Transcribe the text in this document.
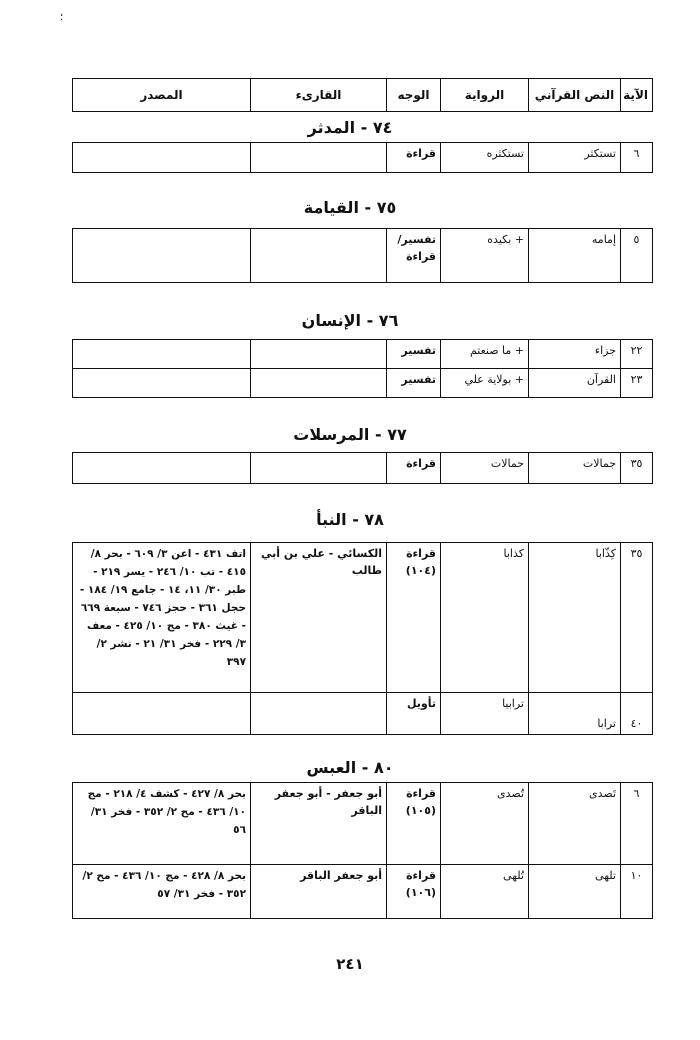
؛
الآية	النص القرآني	الرواية	الوجه	القارىء	المصدر
٧٤ - المدثر
٦	تستكثر	تستكثره	قراءة		
٧٥ - القيامة
٥	إمامه	+ بكيده	تفسير/ قراءة		
٧٦ - الإنسان
٢٢	جزاء	+ ما صنعتم	تفسير		
٢٣	القرآن	+ بولاية علي	تفسير		
٧٧ - المرسلات
٣٥	جمالات	حمالات	قراءة		
٧٨ - النبأ
٣٥	كِذّابا	كذابا	قراءة (١٠٤)	الكسائي - علي بن أبي طالب	اتف ٤٣١ - اعن ٣/ ٦٠٩ - بحر ٨/ ٤١٥ - تب ١٠/ ٢٤٦ - يسر ٢١٩ - طبر ٣٠/ ١١، ١٤ - جامع ١٩/ ١٨٤ - حجل ٣٦١ - حجز ٧٤٦ - سبعة ٦٦٩ - غيث ٣٨٠ - مج ١٠/ ٤٢٥ - معف ٣/ ٢٢٩ - فخر ٣١/ ٢١ - نشر ٢/ ٣٩٧
٤٠	ترابا	ترابيا	تأويل		
٨٠ - العبس
٦	تَصدى	تُصدى	قراءة (١٠٥)	أبو جعفر - أبو جعفر الباقر	بحر ٨/ ٤٢٧ - كشف ٤/ ٢١٨ - مج ١٠/ ٤٣٦ - مح ٢/ ٣٥٢ - فخر ٣١/ ٥٦
١٠	تلهى	تُلهى	قراءة (١٠٦)	أبو جعفر الباقر	بحر ٨/ ٤٢٨ - مج ١٠/ ٤٣٦ - مح ٢/ ٣٥٢ - فخر ٣١/ ٥٧
٢٤١
